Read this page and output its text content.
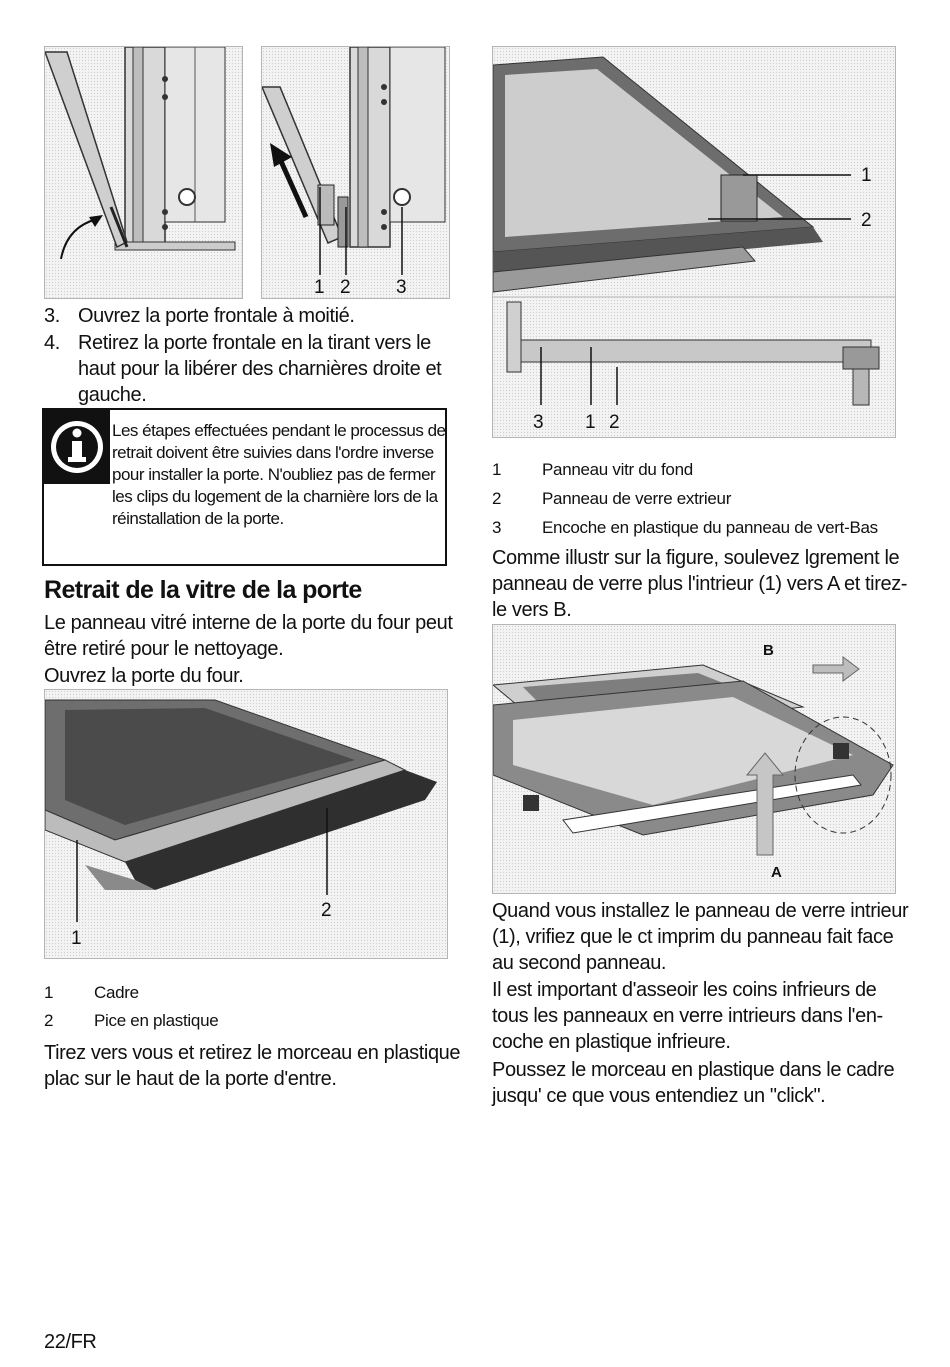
1 2 3
3. Ouvrez la porte frontale à moitié.
4. Retirez la porte frontale en la tirant vers le haut pour la libérer des charnières droite et gauche.
Les étapes effectuées pendant le processus de retrait doivent être suivies dans l'ordre inverse pour installer la porte. N'oubliez pas de fermer les clips du logement de la charnière lors de la réinstallation de la porte.
Retrait de la vitre de la porte
Le panneau vitré interne de la porte du four peut être retiré pour le nettoyage.
Ouvrez la porte du four.
2
1
1 Cadre
2 Pice en plastique
Tirez vers vous et retirez le morceau en plastique plac sur le haut de la porte d'entre.
1
2
3 1 2
1 Panneau vitr du fond
2 Panneau de verre extrieur
3 Encoche en plastique du panneau de vert-Bas
Comme illustr sur la figure, soulevez lgrement le panneau de verre plus l'intrieur (1) vers A et tirez-le vers B.
B
A
Quand vous installez le panneau de verre intrieur (1), vrifiez que le ct imprim du panneau fait face au second panneau.
Il est important d'asseoir les coins infrieurs de tous les panneaux en verre intrieurs dans l'en-coche en plastique infrieure.
Poussez le morceau en plastique dans le cadre jusqu' ce que vous entendiez un "click".
22/FR
